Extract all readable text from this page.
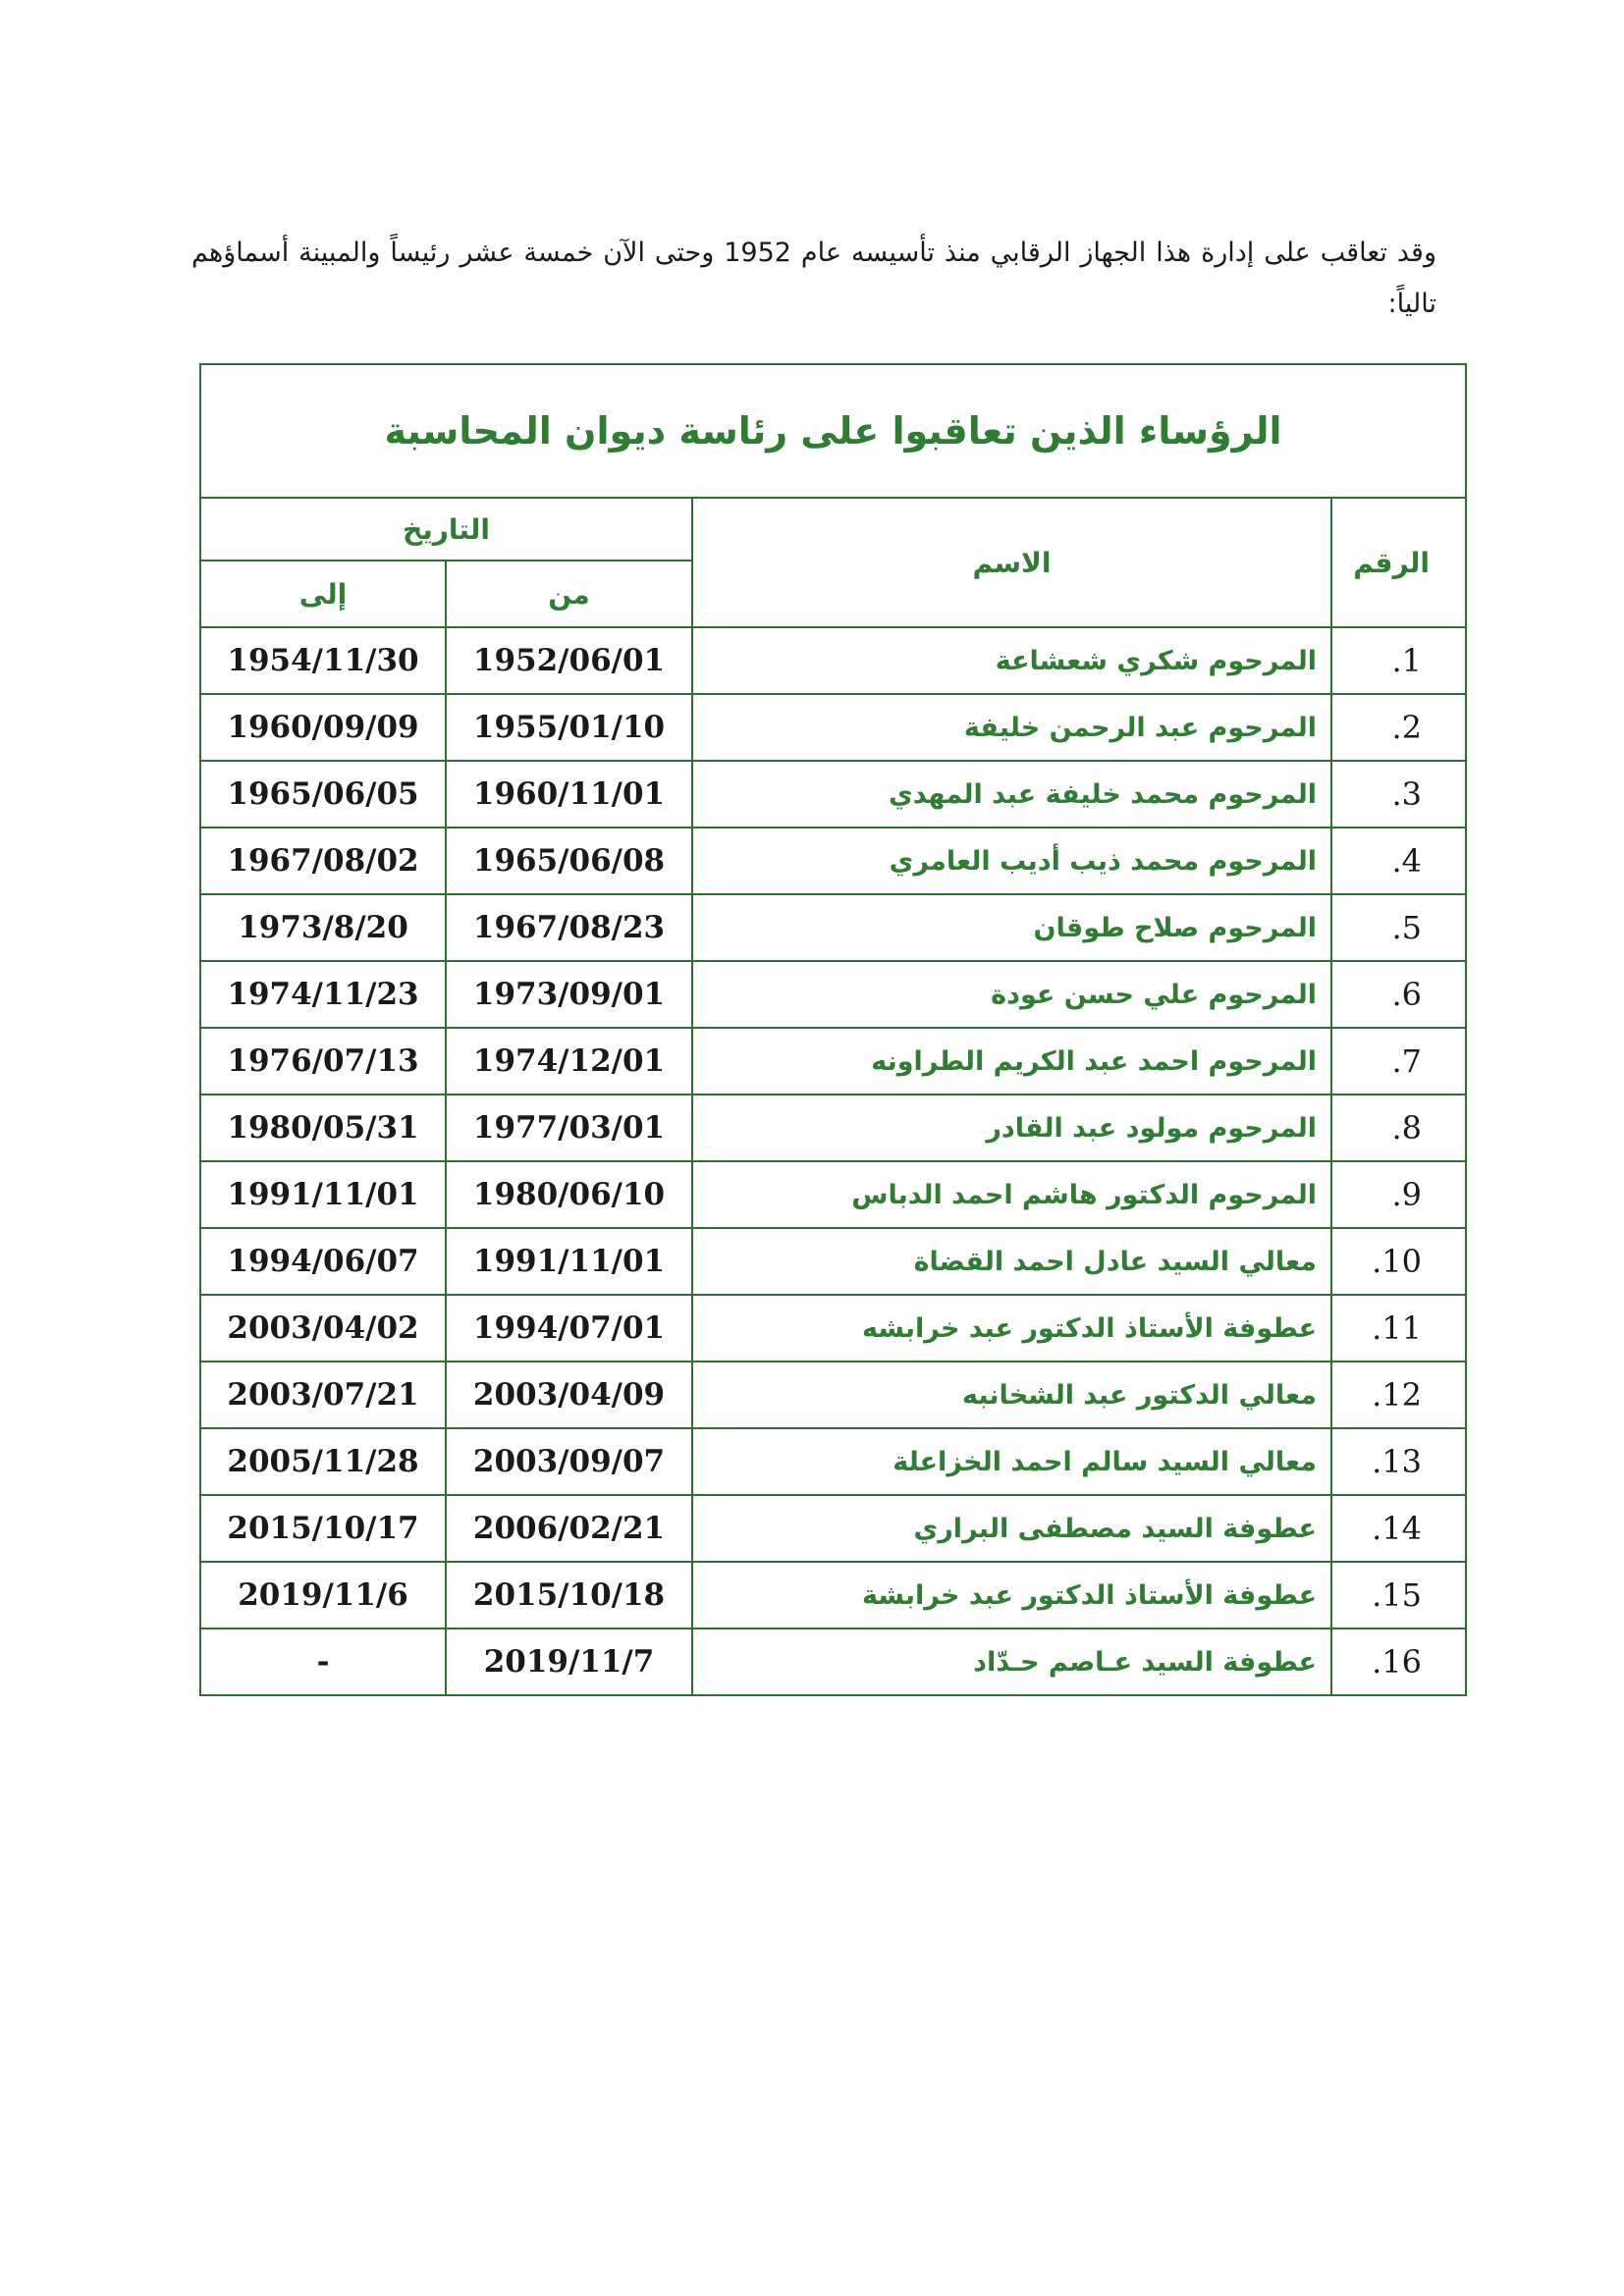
وقد تعاقب على إدارة هذا الجهاز الرقابي منذ تأسيسه عام 1952 وحتى الآن خمسة عشر رئيساً والمبينة أسماؤهم تالياً:

الرؤساء الذين تعاقبوا على رئاسة ديوان المحاسبة			
الرقم	الاسم	التاريخ	
		من	إلى
1.	المرحوم شكري شعشاعة	1952/06/01	1954/11/30
2.	المرحوم عبد الرحمن خليفة	1955/01/10	1960/09/09
3.	المرحوم محمد خليفة عبد المهدي	1960/11/01	1965/06/05
4.	المرحوم محمد ذيب أديب العامري	1965/06/08	1967/08/02
5.	المرحوم صلاح طوقان	1967/08/23	1973/8/20
6.	المرحوم علي حسن عودة	1973/09/01	1974/11/23
7.	المرحوم احمد عبد الكريم الطراونه	1974/12/01	1976/07/13
8.	المرحوم مولود عبد القادر	1977/03/01	1980/05/31
9.	المرحوم الدكتور هاشم احمد الدباس	1980/06/10	1991/11/01
10.	معالي السيد عادل احمد القضاة	1991/11/01	1994/06/07
11.	عطوفة الأستاذ الدكتور عبد خرابشه	1994/07/01	2003/04/02
12.	معالي الدكتور عبد الشخانبه	2003/04/09	2003/07/21
13.	معالي السيد سالم احمد الخزاعلة	2003/09/07	2005/11/28
14.	عطوفة السيد مصطفى البراري	2006/02/21	2015/10/17
15.	عطوفة الأستاذ الدكتور عبد خرابشة	2015/10/18	2019/11/6
16.	عطوفة السيد عـاصم حـدّاد	2019/11/7	-
